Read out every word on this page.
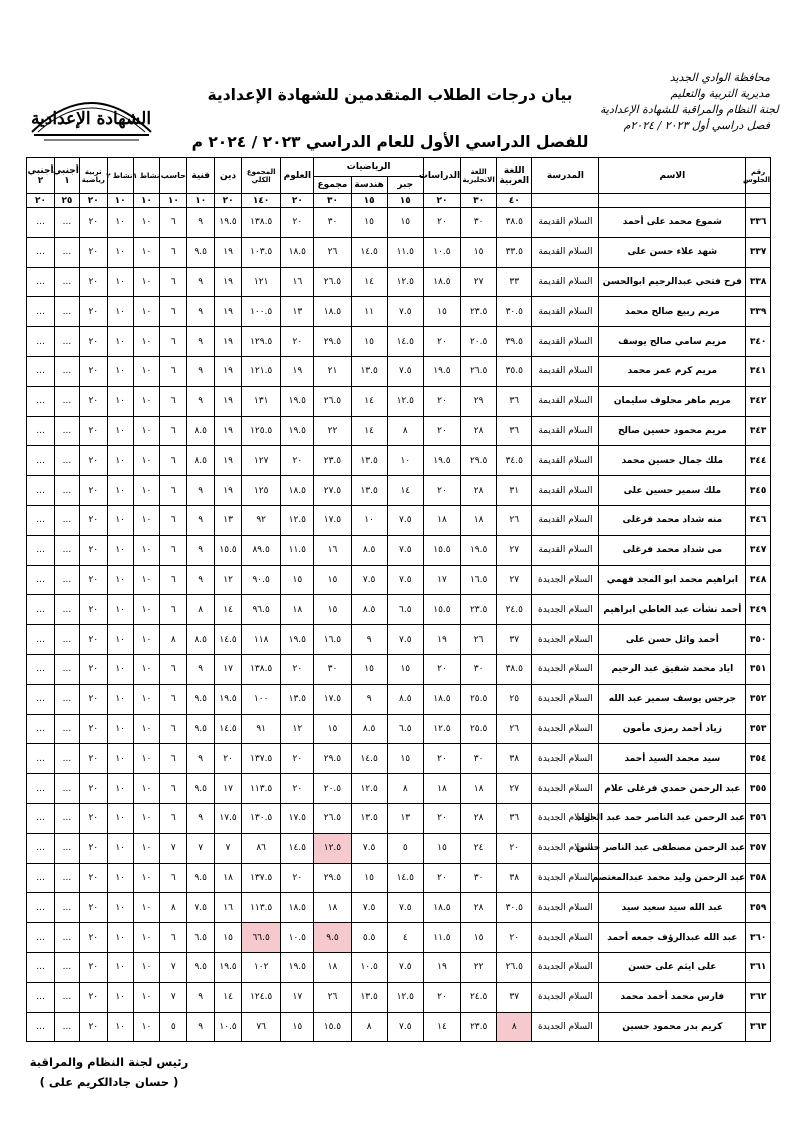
الشهادة الإعدادية
بيان درجات الطلاب المتقدمين للشهادة الإعدادية
للفصل الدراسي الأول للعام الدراسي ٢٠٢٣ / ٢٠٢٤ م
محافظة الوادي الجديد
مديرية التربية والتعليم
لجنة النظام والمراقبة للشهادة الإعدادية
فصل دراسي أول ٢٠٢٣ / ٢٠٢٤م
رقم الجلوس	الاسم	المدرسة	اللغة العربية	اللغة الانجليزية	الدراسات	الرياضيات			العلوم	المجموع الكلي	دين	فنية	حاسب	نشاط ١	نشاط ٢	تربية رياضية	أجنبي ١	أجنبي ٢
						جبر	هندسة	مجموع										

			٤٠	٣٠	٢٠	١٥	١٥	٣٠	٢٠	١٤٠	٢٠	١٠	١٠	١٠	١٠	٢٠	٢٥	٢٠
٣٣٦	شموع محمد على أحمد	السلام القديمة	٣٨.٥	٣٠	٢٠	١٥	١٥	٣٠	٢٠	١٣٨.٥	١٩.٥	٩	٦	١٠	١٠	٢٠	...	...
٣٣٧	شهد علاء حسن على	السلام القديمة	٣٣.٥	١٥	١٠.٥	١١.٥	١٤.٥	٢٦	١٨.٥	١٠٣.٥	١٩	٩.٥	٦	١٠	١٠	٢٠	...	...
٣٣٨	فرح فتحي عبدالرحيم ابوالحسن	السلام القديمة	٣٣	٢٧	١٨.٥	١٢.٥	١٤	٢٦.٥	١٦	١٢١	١٩	٩	٦	١٠	١٠	٢٠	...	...
٣٣٩	مريم ربيع صالح محمد	السلام القديمة	٣٠.٥	٢٣.٥	١٥	٧.٥	١١	١٨.٥	١٣	١٠٠.٥	١٩	٩	٦	١٠	١٠	٢٠	...	...
٣٤٠	مريم سامي صالح يوسف	السلام القديمة	٣٩.٥	٢٠.٥	٢٠	١٤.٥	١٥	٢٩.٥	٢٠	١٢٩.٥	١٩	٩	٦	١٠	١٠	٢٠	...	...
٣٤١	مريم كرم عمر محمد	السلام القديمة	٣٥.٥	٢٦.٥	١٩.٥	٧.٥	١٣.٥	٢١	١٩	١٢١.٥	١٩	٩	٦	١٠	١٠	٢٠	...	...
٣٤٢	مريم ماهر محلوف سليمان	السلام القديمة	٣٦	٢٩	٢٠	١٢.٥	١٤	٢٦.٥	١٩.٥	١٣١	١٩	٩	٦	١٠	١٠	٢٠	...	...
٣٤٣	مريم محمود حسين صالح	السلام القديمة	٣٦	٢٨	٢٠	٨	١٤	٢٢	١٩.٥	١٢٥.٥	١٩	٨.٥	٦	١٠	١٠	٢٠	...	...
٣٤٤	ملك جمال حسين محمد	السلام القديمة	٣٤.٥	٢٩.٥	١٩.٥	١٠	١٣.٥	٢٣.٥	٢٠	١٢٧	١٩	٨.٥	٦	١٠	١٠	٢٠	...	...
٣٤٥	ملك سمير حسين على	السلام القديمة	٣١	٢٨	٢٠	١٤	١٣.٥	٢٧.٥	١٨.٥	١٢٥	١٩	٩	٦	١٠	١٠	٢٠	...	...
٣٤٦	منه شداد محمد فرغلى	السلام القديمة	٢٦	١٨	١٨	٧.٥	١٠	١٧.٥	١٢.٥	٩٢	١٣	٩	٦	١٠	١٠	٢٠	...	...
٣٤٧	مى شداد محمد فرغلى	السلام القديمة	٢٧	١٩.٥	١٥.٥	٧.٥	٨.٥	١٦	١١.٥	٨٩.٥	١٥.٥	٩	٦	١٠	١٠	٢٠	...	...
٣٤٨	ابراهيم محمد ابو المجد فهمي	السلام الجديدة	٢٧	١٦.٥	١٧	٧.٥	٧.٥	١٥	١٥	٩٠.٥	١٢	٩	٦	١٠	١٠	٢٠	...	...
٣٤٩	أحمد نشأت عبد العاطي ابراهيم	السلام الجديدة	٢٤.٥	٢٣.٥	١٥.٥	٦.٥	٨.٥	١٥	١٨	٩٦.٥	١٤	٨	٦	١٠	١٠	٢٠	...	...
٣٥٠	أحمد وائل حسن على	السلام الجديدة	٣٧	٢٦	١٩	٧.٥	٩	١٦.٥	١٩.٥	١١٨	١٤.٥	٨.٥	٨	١٠	١٠	٢٠	...	...
٣٥١	اياد محمد شفيق عبد الرحيم	السلام الجديدة	٣٨.٥	٣٠	٢٠	١٥	١٥	٣٠	٢٠	١٣٨.٥	١٧	٩	٦	١٠	١٠	٢٠	...	...
٣٥٢	جرجس يوسف سمير عبد الله	السلام الجديدة	٢٥	٢٥.٥	١٨.٥	٨.٥	٩	١٧.٥	١٣.٥	١٠٠	١٩.٥	٩.٥	٦	١٠	١٠	٢٠	...	...
٣٥٣	زياد أحمد رمزى مأمون	السلام الجديدة	٢٦	٢٥.٥	١٢.٥	٦.٥	٨.٥	١٥	١٢	٩١	١٤.٥	٩.٥	٦	١٠	١٠	٢٠	...	...
٣٥٤	سيد محمد السيد أحمد	السلام الجديدة	٣٨	٣٠	٢٠	١٥	١٤.٥	٢٩.٥	٢٠	١٣٧.٥	٢٠	٩	٦	١٠	١٠	٢٠	...	...
٣٥٥	عبد الرحمن حمدي فرغلى علام	السلام الجديدة	٢٧	١٨	١٨	٨	١٢.٥	٢٠.٥	٢٠	١١٣.٥	١٧	٩.٥	٦	١٠	١٠	٢٠	...	...
٣٥٦	عبد الرحمن عبد الناصر حمد عبد الجواد	السلام الجديدة	٣٦	٢٨	٢٠	١٣	١٣.٥	٢٦.٥	١٧.٥	١٣٠.٥	١٧.٥	٩	٦	١٠	١٠	٢٠	...	...
٣٥٧	عبد الرحمن مصطفى عبد الناصر حسن	السلام الجديدة	٢٠	٢٤	١٥	٥	٧.٥	١٢.٥	١٤.٥	٨٦	٧	٧	٧	١٠	١٠	٢٠	...	...
٣٥٨	عبد الرحمن وليد محمد عبدالمعتصم	السلام الجديدة	٣٨	٣٠	٢٠	١٤.٥	١٥	٢٩.٥	٢٠	١٣٧.٥	١٨	٩.٥	٦	١٠	١٠	٢٠	...	...
٣٥٩	عبد الله سيد سعيد سيد	السلام الجديدة	٣٠.٥	٢٨	١٨.٥	٧.٥	٧.٥	١٨	١٨.٥	١١٣.٥	١٦	٧.٥	٨	١٠	١٠	٢٠	...	...
٣٦٠	عبد الله عبدالرؤف جمعه أحمد	السلام الجديدة	٢٠	١٥	١١.٥	٤	٥.٥	٩.٥	١٠.٥	٦٦.٥	١٥	٦.٥	٦	١٠	١٠	٢٠	...	...
٣٦١	على ايثم على حسن	السلام الجديدة	٢٦.٥	٢٢	١٩	٧.٥	١٠.٥	١٨	١٩.٥	١٠٢	١٩.٥	٩.٥	٧	١٠	١٠	٢٠	...	...
٣٦٢	فارس محمد أحمد محمد	السلام الجديدة	٣٧	٢٤.٥	٢٠	١٢.٥	١٣.٥	٢٦	١٧	١٢٤.٥	١٤	٩	٧	١٠	١٠	٢٠	...	...
٣٦٣	كريم بدر محمود حسين	السلام الجديدة	٨	٢٣.٥	١٤	٧.٥	٨	١٥.٥	١٥	٧٦	١٠.٥	٩	٥	١٠	١٠	٢٠	...	...
رئيس لجنة النظام والمراقبة
( حسان جادالكريم على )
